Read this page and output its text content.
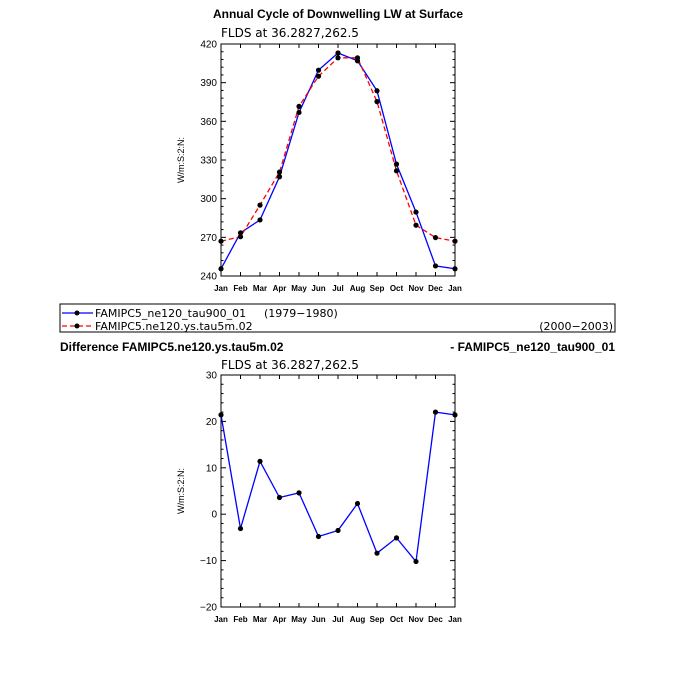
Annual Cycle of Downwelling LW at Surface
FLDS at 36.2827,262.5
W/m:S:2:N:
240
270
300
330
360
390
420
Jan Feb Mar Apr May Jun Jul Aug Sep Oct Nov Dec Jan
FAMIPC5_ne120_tau900_01 (1979−1980)
FAMIPC5.ne120.ys.tau5m.02	(2000−2003)
Difference FAMIPC5.ne120.ys.tau5m.02	- FAMIPC5_ne120_tau900_01
FLDS at 36.2827,262.5
W/m:S:2:N:
−20
−10
0
10
20
30
Jan Feb Mar Apr May Jun Jul Aug Sep Oct Nov Dec Jan
